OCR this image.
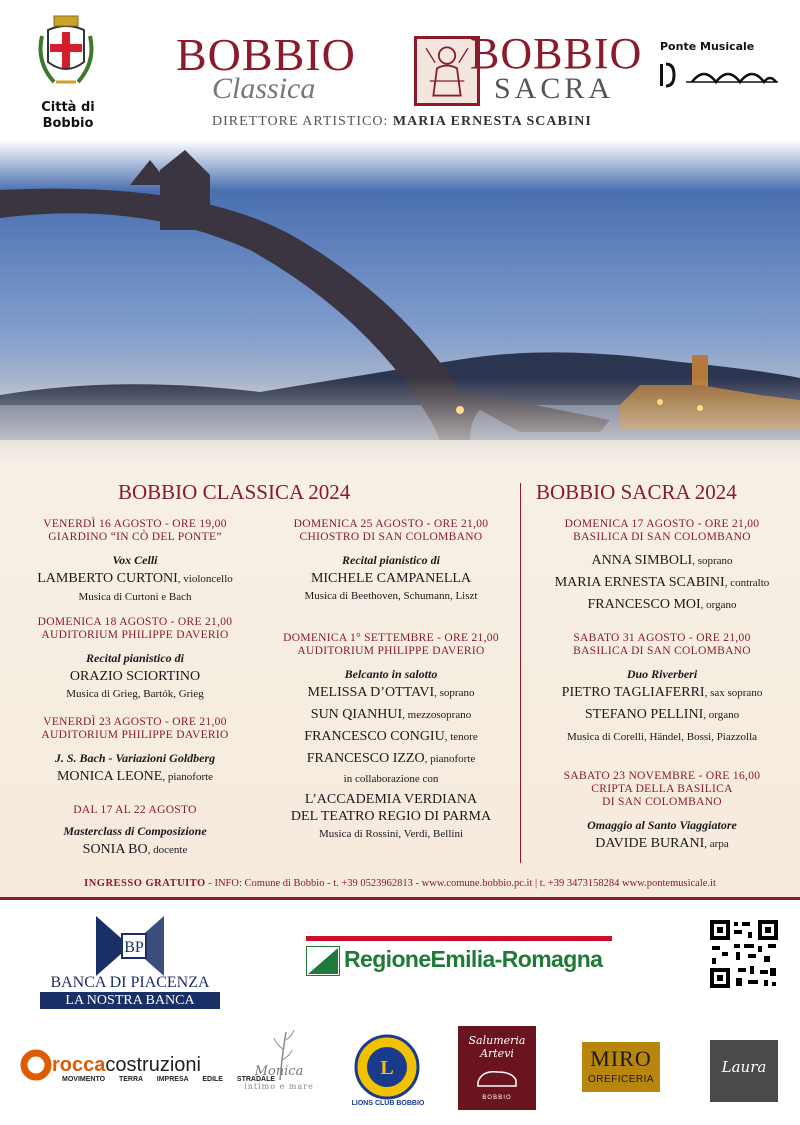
Città di
Bobbio
BOBBIO
Classica
BOBBIO
SACRA
DIRETTORE ARTISTICO: MARIA ERNESTA SCABINI
Ponte Musicale
BOBBIO CLASSICA 2024	BOBBIO SACRA 2024
VENERDÌ 16 AGOSTO - ORE 19,00
GIARDINO “IN CÒ DEL PONTE”
Vox Celli
LAMBERTO CURTONI, violoncello
Musica di Curtoni e Bach
DOMENICA 18 AGOSTO - ORE 21,00
AUDITORIUM PHILIPPE DAVERIO
Recital pianistico di
ORAZIO SCIORTINO
Musica di Grieg, Bartók, Grieg
VENERDÌ 23 AGOSTO - ORE 21,00
AUDITORIUM PHILIPPE DAVERIO
J. S. Bach - Variazioni Goldberg
MONICA LEONE, pianoforte
DAL 17 AL 22 AGOSTO
Masterclass di Composizione
SONIA BO, docente
DOMENICA 25 AGOSTO - ORE 21,00
CHIOSTRO DI SAN COLOMBANO
Recital pianistico di
MICHELE CAMPANELLA
Musica di Beethoven, Schumann, Liszt
DOMENICA 1° SETTEMBRE - ORE 21,00
AUDITORIUM PHILIPPE DAVERIO
Belcanto in salotto
MELISSA D’OTTAVI, soprano
SUN QIANHUI, mezzosoprano
FRANCESCO CONGIU, tenore
FRANCESCO IZZO, pianoforte
in collaborazione con
L’ACCADEMIA VERDIANA
DEL TEATRO REGIO DI PARMA
Musica di Rossini, Verdi, Bellini
DOMENICA 17 AGOSTO - ORE 21,00
BASILICA DI SAN COLOMBANO
ANNA SIMBOLI, soprano
MARIA ERNESTA SCABINI, contralto
FRANCESCO MOI, organo
SABATO 31 AGOSTO - ORE 21,00
BASILICA DI SAN COLOMBANO
Duo Riverberi
PIETRO TAGLIAFERRI, sax soprano
STEFANO PELLINI, organo
Musica di Corelli, Händel, Bossi, Piazzolla
SABATO 23 NOVEMBRE - ORE 16,00
CRIPTA DELLA BASILICA
DI SAN COLOMBANO
Omaggio al Santo Viaggiatore
DAVIDE BURANI, arpa
INGRESSO GRATUITO - INFO: Comune di Bobbio - t. +39 0523962813 - www.comune.bobbio.pc.it | t. +39 3473158284 www.pontemusicale.it
BP
BANCA DI PIACENZA
LA NOSTRA BANCA
RegioneEmilia-Romagna
roccacostruzioni
MOVIMENTO TERRA IMPRESA EDILE STRADALE
Monica
intimo e mare
L
LIONS CLUB BOBBIO
Salumeria Artevi
BOBBIO
MIRO
OREFICERIA
Laura
